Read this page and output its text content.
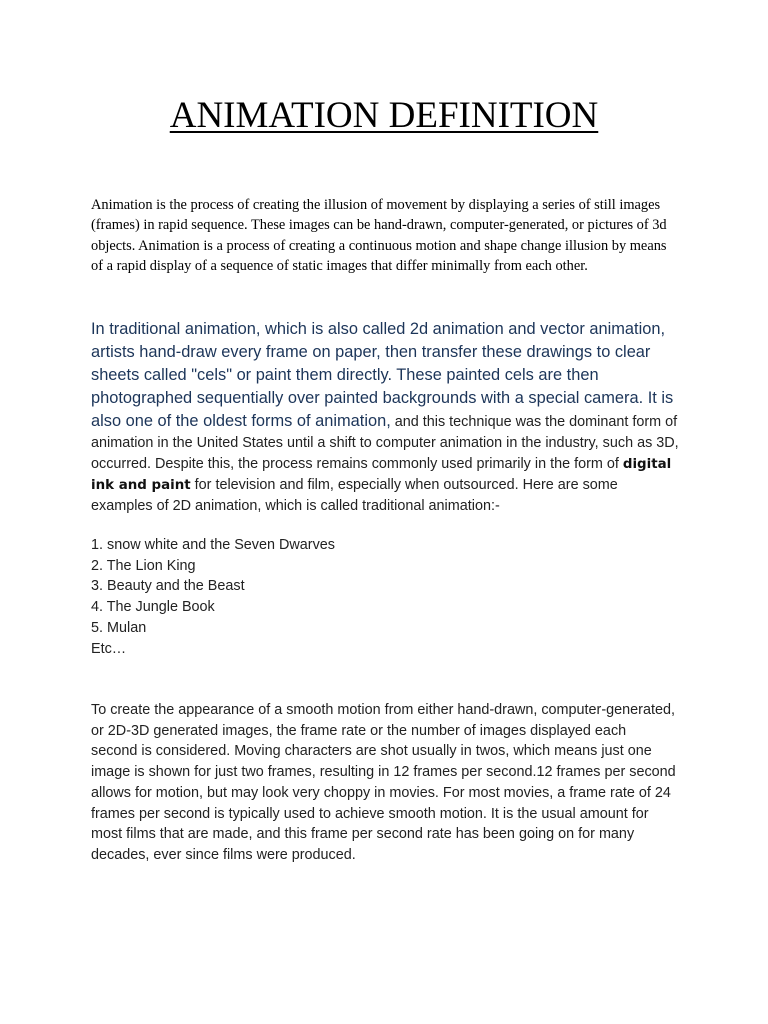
ANIMATION DEFINITION

Animation is the process of creating the illusion of movement by displaying a series of still images (frames) in rapid sequence. These images can be hand-drawn, computer-generated, or pictures of 3d objects. Animation is a process of creating a continuous motion and shape change illusion by means of a rapid display of a sequence of static images that differ minimally from each other.

In traditional animation, which is also called 2d animation and vector animation, artists hand-draw every frame on paper, then transfer these drawings to clear sheets called "cels" or paint them directly. These painted cels are then photographed sequentially over painted backgrounds with a special camera. It is also one of the oldest forms of animation, and this technique was the dominant form of animation in the United States until a shift to computer animation in the industry, such as 3D, occurred. Despite this, the process remains commonly used primarily in the form of digital ink and paint for television and film, especially when outsourced. Here are some examples of 2D animation, which is called traditional animation:-

1. snow white and the Seven Dwarves
2. The Lion King
3. Beauty and the Beast
4. The Jungle Book
5. Mulan
Etc…

To create the appearance of a smooth motion from either hand-drawn, computer-generated, or 2D-3D generated images, the frame rate or the number of images displayed each second is considered. Moving characters are shot usually in twos, which means just one image is shown for just two frames, resulting in 12 frames per second.12 frames per second allows for motion, but may look very choppy in movies. For most movies, a frame rate of 24 frames per second is typically used to achieve smooth motion. It is the usual amount for most films that are made, and this frame per second rate has been going on for many decades, ever since films were produced.
